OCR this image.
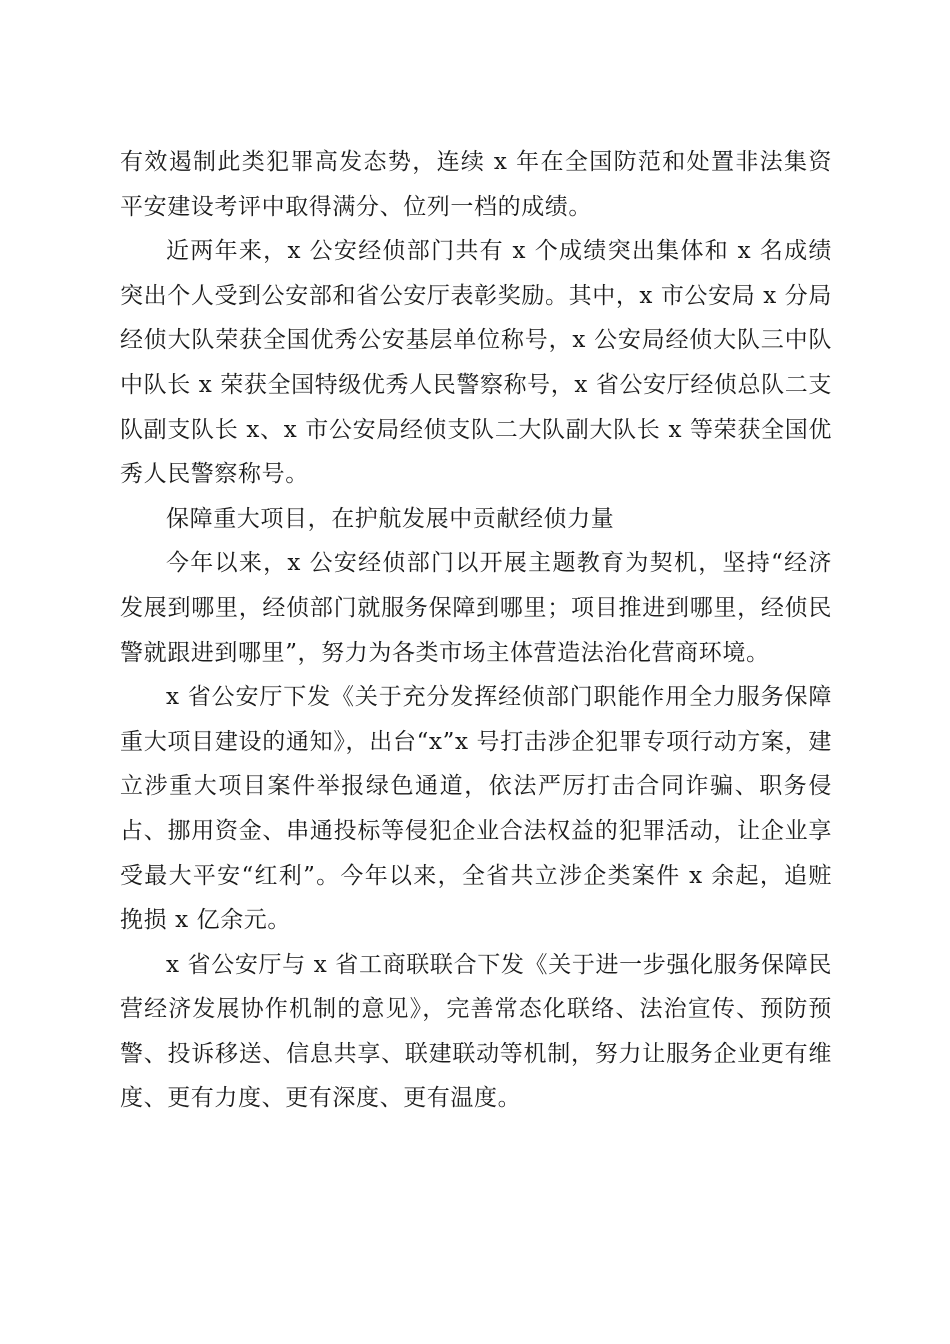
有效遏制此类犯罪高发态势，连续 x 年在全国防范和处置非法集资平安建设考评中取得满分、位列一档的成绩。

近两年来，x 公安经侦部门共有 x 个成绩突出集体和 x 名成绩突出个人受到公安部和省公安厅表彰奖励。其中，x 市公安局 x 分局经侦大队荣获全国优秀公安基层单位称号，x 公安局经侦大队三中队中队长 x 荣获全国特级优秀人民警察称号，x 省公安厅经侦总队二支队副支队长 x、x 市公安局经侦支队二大队副大队长 x 等荣获全国优秀人民警察称号。

保障重大项目，在护航发展中贡献经侦力量

今年以来，x 公安经侦部门以开展主题教育为契机，坚持“经济发展到哪里，经侦部门就服务保障到哪里；项目推进到哪里，经侦民警就跟进到哪里”，努力为各类市场主体营造法治化营商环境。

x 省公安厅下发《关于充分发挥经侦部门职能作用全力服务保障重大项目建设的通知》，出台“x”x 号打击涉企犯罪专项行动方案，建立涉重大项目案件举报绿色通道，依法严厉打击合同诈骗、职务侵占、挪用资金、串通投标等侵犯企业合法权益的犯罪活动，让企业享受最大平安“红利”。今年以来，全省共立涉企类案件 x 余起，追赃挽损 x 亿余元。

x 省公安厅与 x 省工商联联合下发《关于进一步强化服务保障民营经济发展协作机制的意见》，完善常态化联络、法治宣传、预防预警、投诉移送、信息共享、联建联动等机制，努力让服务企业更有维度、更有力度、更有深度、更有温度。
